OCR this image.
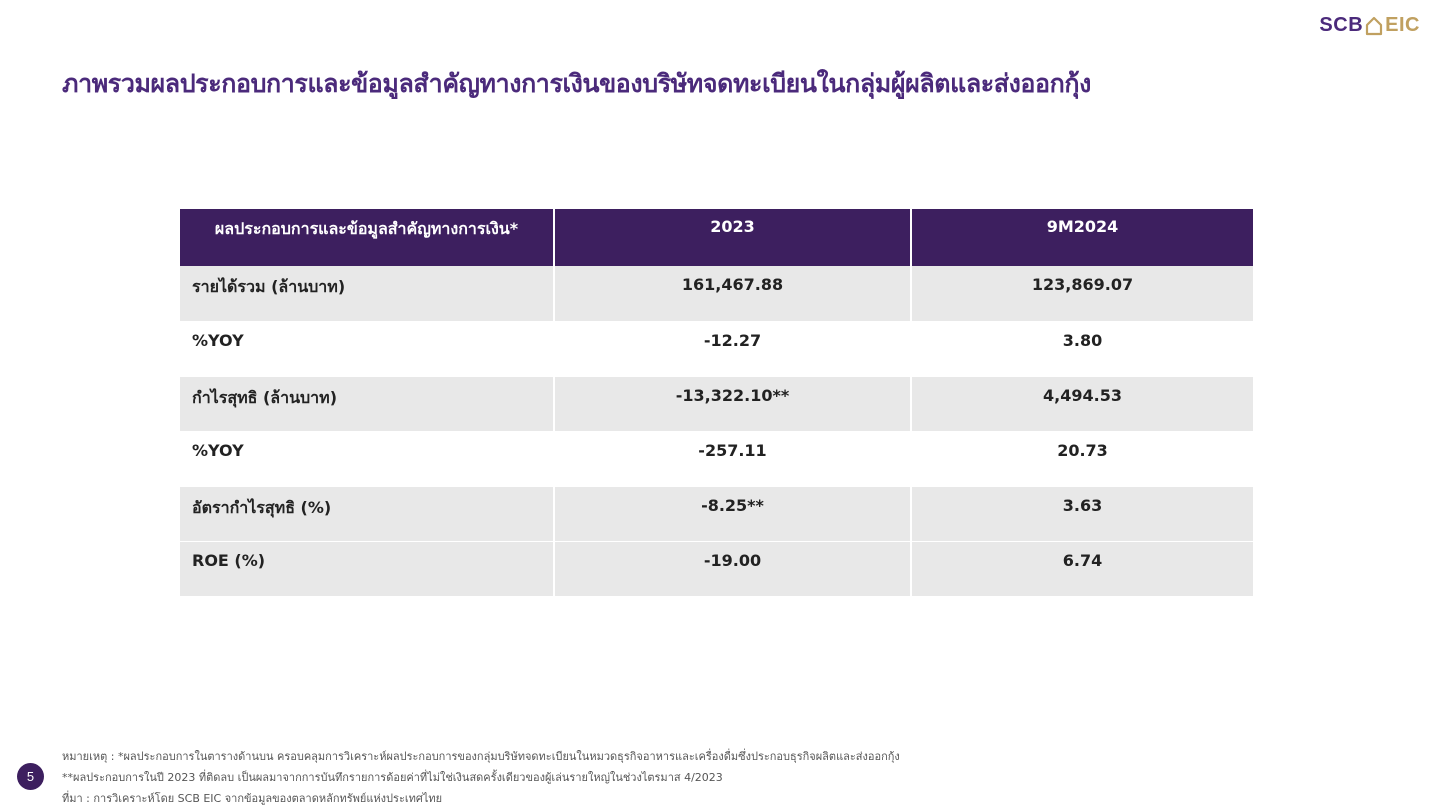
SCB EIC
ภาพรวมผลประกอบการและข้อมูลสำคัญทางการเงินของบริษัทจดทะเบียนในกลุ่มผู้ผลิตและส่งออกกุ้ง
ผลประกอบการและข้อมูลสำคัญทางการเงิน*	2023	9M2024
รายได้รวม (ล้านบาท)	161,467.88	123,869.07
%YOY	-12.27	3.80
กำไรสุทธิ (ล้านบาท)	-13,322.10**	4,494.53
%YOY	-257.11	20.73
อัตรากำไรสุทธิ (%)	-8.25**	3.63
ROE (%)	-19.00	6.74
5
หมายเหตุ : *ผลประกอบการในตารางด้านบน ครอบคลุมการวิเคราะห์ผลประกอบการของกลุ่มบริษัทจดทะเบียนในหมวดธุรกิจอาหารและเครื่องดื่มซึ่งประกอบธุรกิจผลิตและส่งออกกุ้ง
**ผลประกอบการในปี 2023 ที่ติดลบ เป็นผลมาจากการบันทึกรายการด้อยค่าที่ไม่ใช่เงินสดครั้งเดียวของผู้เล่นรายใหญ่ในช่วงไตรมาส 4/2023
ที่มา : การวิเคราะห์โดย SCB EIC จากข้อมูลของตลาดหลักทรัพย์แห่งประเทศไทย
